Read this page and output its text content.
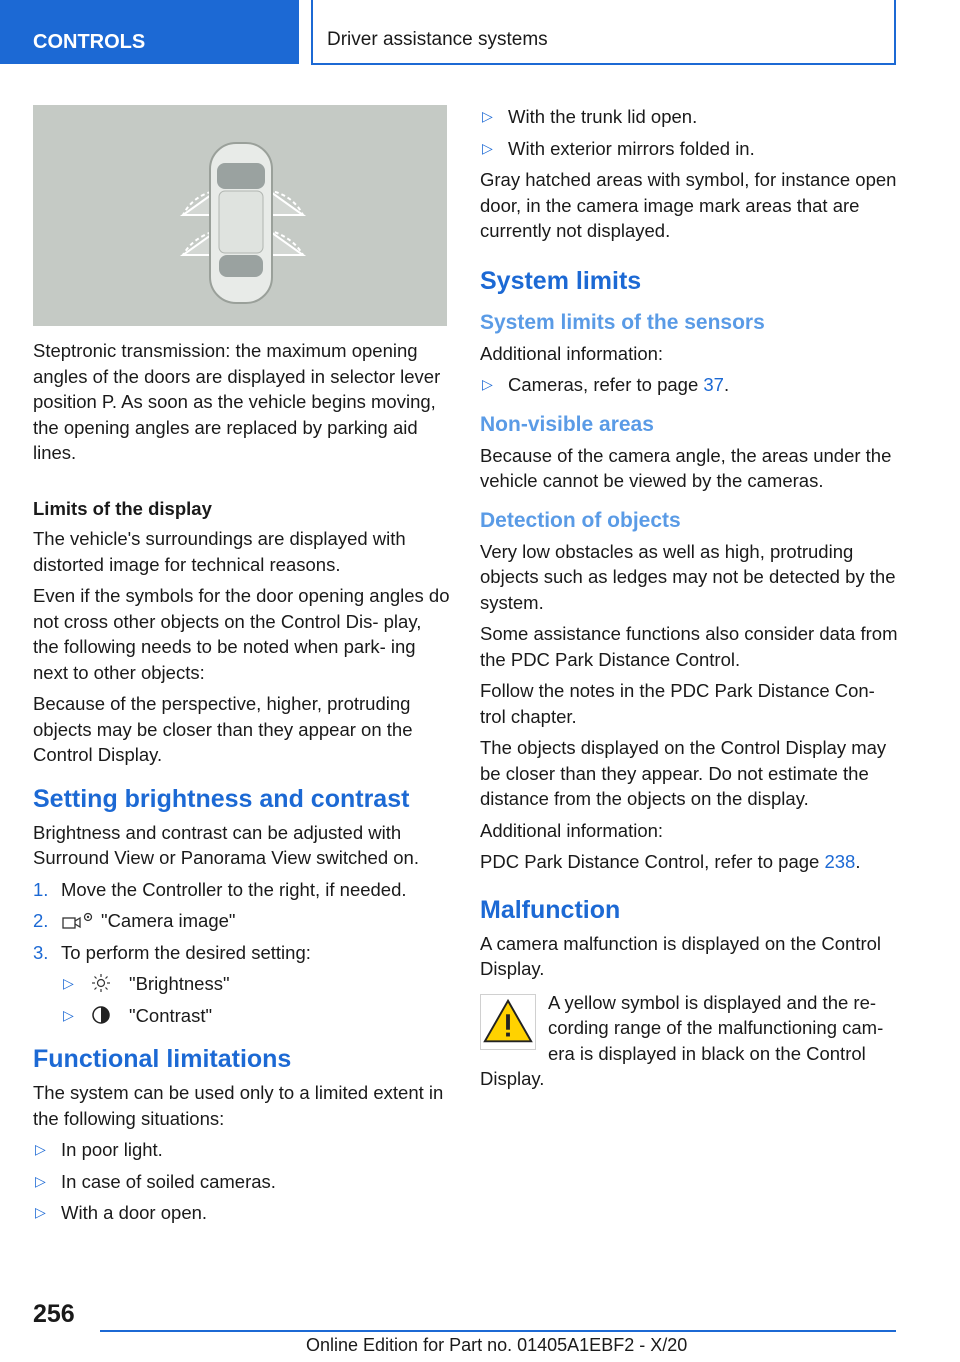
CONTROLS	Driver assistance systems

Steptronic transmission: the maximum opening angles of the doors are displayed in selector lever position P. As soon as the vehicle begins moving, the opening angles are replaced by parking aid lines.

Limits of the display

The vehicle's surroundings are displayed with distorted image for technical reasons.

Even if the symbols for the door opening angles do not cross other objects on the Control Dis‑ play, the following needs to be noted when park‑ ing next to other objects:

Because of the perspective, higher, protruding objects may be closer than they appear on the Control Display.

Setting brightness and contrast

Brightness and contrast can be adjusted with Surround View or Panorama View switched on.

1. Move the Controller to the right, if needed.
2.	"Camera image"
3. To perform the desired setting:
▷	"Brightness"
▷	"Contrast"
Functional limitations

The system can be used only to a limited extent in the following situations:

▷ In poor light.
▷ In case of soiled cameras.
▷ With a door open.
▷ With the trunk lid open.
▷ With exterior mirrors folded in.

Gray hatched areas with symbol, for instance open door, in the camera image mark areas that are currently not displayed.

System limits
System limits of the sensors

Additional information:

▷ Cameras, refer to page 37.
Non-visible areas

Because of the camera angle, the areas under the vehicle cannot be viewed by the cameras.

Detection of objects

Very low obstacles as well as high, protruding objects such as ledges may not be detected by the system.

Some assistance functions also consider data from the PDC Park Distance Control.

Follow the notes in the PDC Park Distance Con‑ trol chapter.

The objects displayed on the Control Display may be closer than they appear. Do not estimate the distance from the objects on the display.

Additional information:

PDC Park Distance Control, refer to page 238.

Malfunction

A camera malfunction is displayed on the Control Display.

A yellow symbol is displayed and the re‑ cording range of the malfunctioning cam‑ era is displayed in black on the Control Display.

256
Online Edition for Part no. 01405A1EBF2 - X/20
